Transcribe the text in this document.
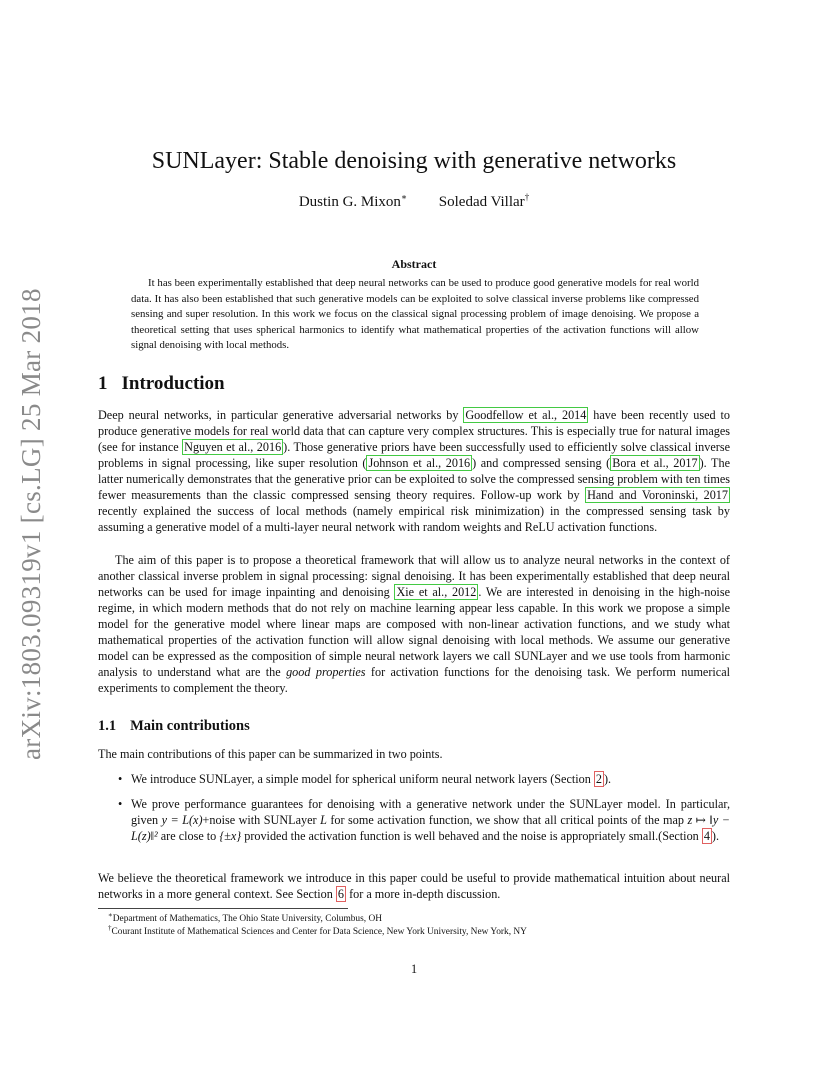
arXiv:1803.09319v1 [cs.LG] 25 Mar 2018
SUNLayer: Stable denoising with generative networks
Dustin G. Mixon∗ Soledad Villar†
Abstract
It has been experimentally established that deep neural networks can be used to produce good generative models for real world data. It has also been established that such generative models can be exploited to solve classical inverse problems like compressed sensing and super resolution. In this work we focus on the classical signal processing problem of image denoising. We propose a theoretical setting that uses spherical harmonics to identify what mathematical properties of the activation functions will allow signal denoising with local methods.
1 Introduction

Deep neural networks, in particular generative adversarial networks by Goodfellow et al., 2014 have been recently used to produce generative models for real world data that can capture very complex structures. This is especially true for natural images (see for instance Nguyen et al., 2016 ). Those generative priors have been successfully used to efficiently solve classical inverse problems in signal processing, like super resolution ( Johnson et al., 2016 ) and compressed sensing ( Bora et al., 2017 ). The latter numerically demonstrates that the generative prior can be exploited to solve the compressed sensing problem with ten times fewer measurements than the classic compressed sensing theory requires. Follow-up work by Hand and Voroninski, 2017 recently explained the success of local methods (namely empirical risk minimization) in the compressed sensing task by assuming a generative model of a multi-layer neural network with random weights and ReLU activation functions.

The aim of this paper is to propose a theoretical framework that will allow us to analyze neural networks in the context of another classical inverse problem in signal processing: signal denoising. It has been experimentally established that deep neural networks can be used for image inpainting and denoising Xie et al., 2012 . We are interested in denoising in the high-noise regime, in which modern methods that do not rely on machine learning appear less capable. In this work we propose a simple model for the generative model where linear maps are composed with non-linear activation functions, and we study what mathematical properties of the activation function will allow signal denoising with local methods. We assume our generative model can be expressed as the composition of simple neural network layers we call SUNLayer and we use tools from harmonic analysis to understand what are the good properties for activation functions for the denoising task. We perform numerical experiments to complement the theory.

1.1 Main contributions

The main contributions of this paper can be summarized in two points.

• We introduce SUNLayer, a simple model for spherical uniform neural network layers (Section 2 ).
• We prove performance guarantees for denoising with a generative network under the SUNLayer model. In particular, given y = L(x)+noise with SUNLayer L for some activation function, we show that all critical points of the map z ↦ ‖y − L(z)‖² are close to {±x} provided the activation function is well behaved and the noise is appropriately small.(Section 4 ).

We believe the theoretical framework we introduce in this paper could be useful to provide mathematical intuition about neural networks in a more general context. See Section 6 for a more in-depth discussion.

∗Department of Mathematics, The Ohio State University, Columbus, OH
†Courant Institute of Mathematical Sciences and Center for Data Science, New York University, New York, NY
1
